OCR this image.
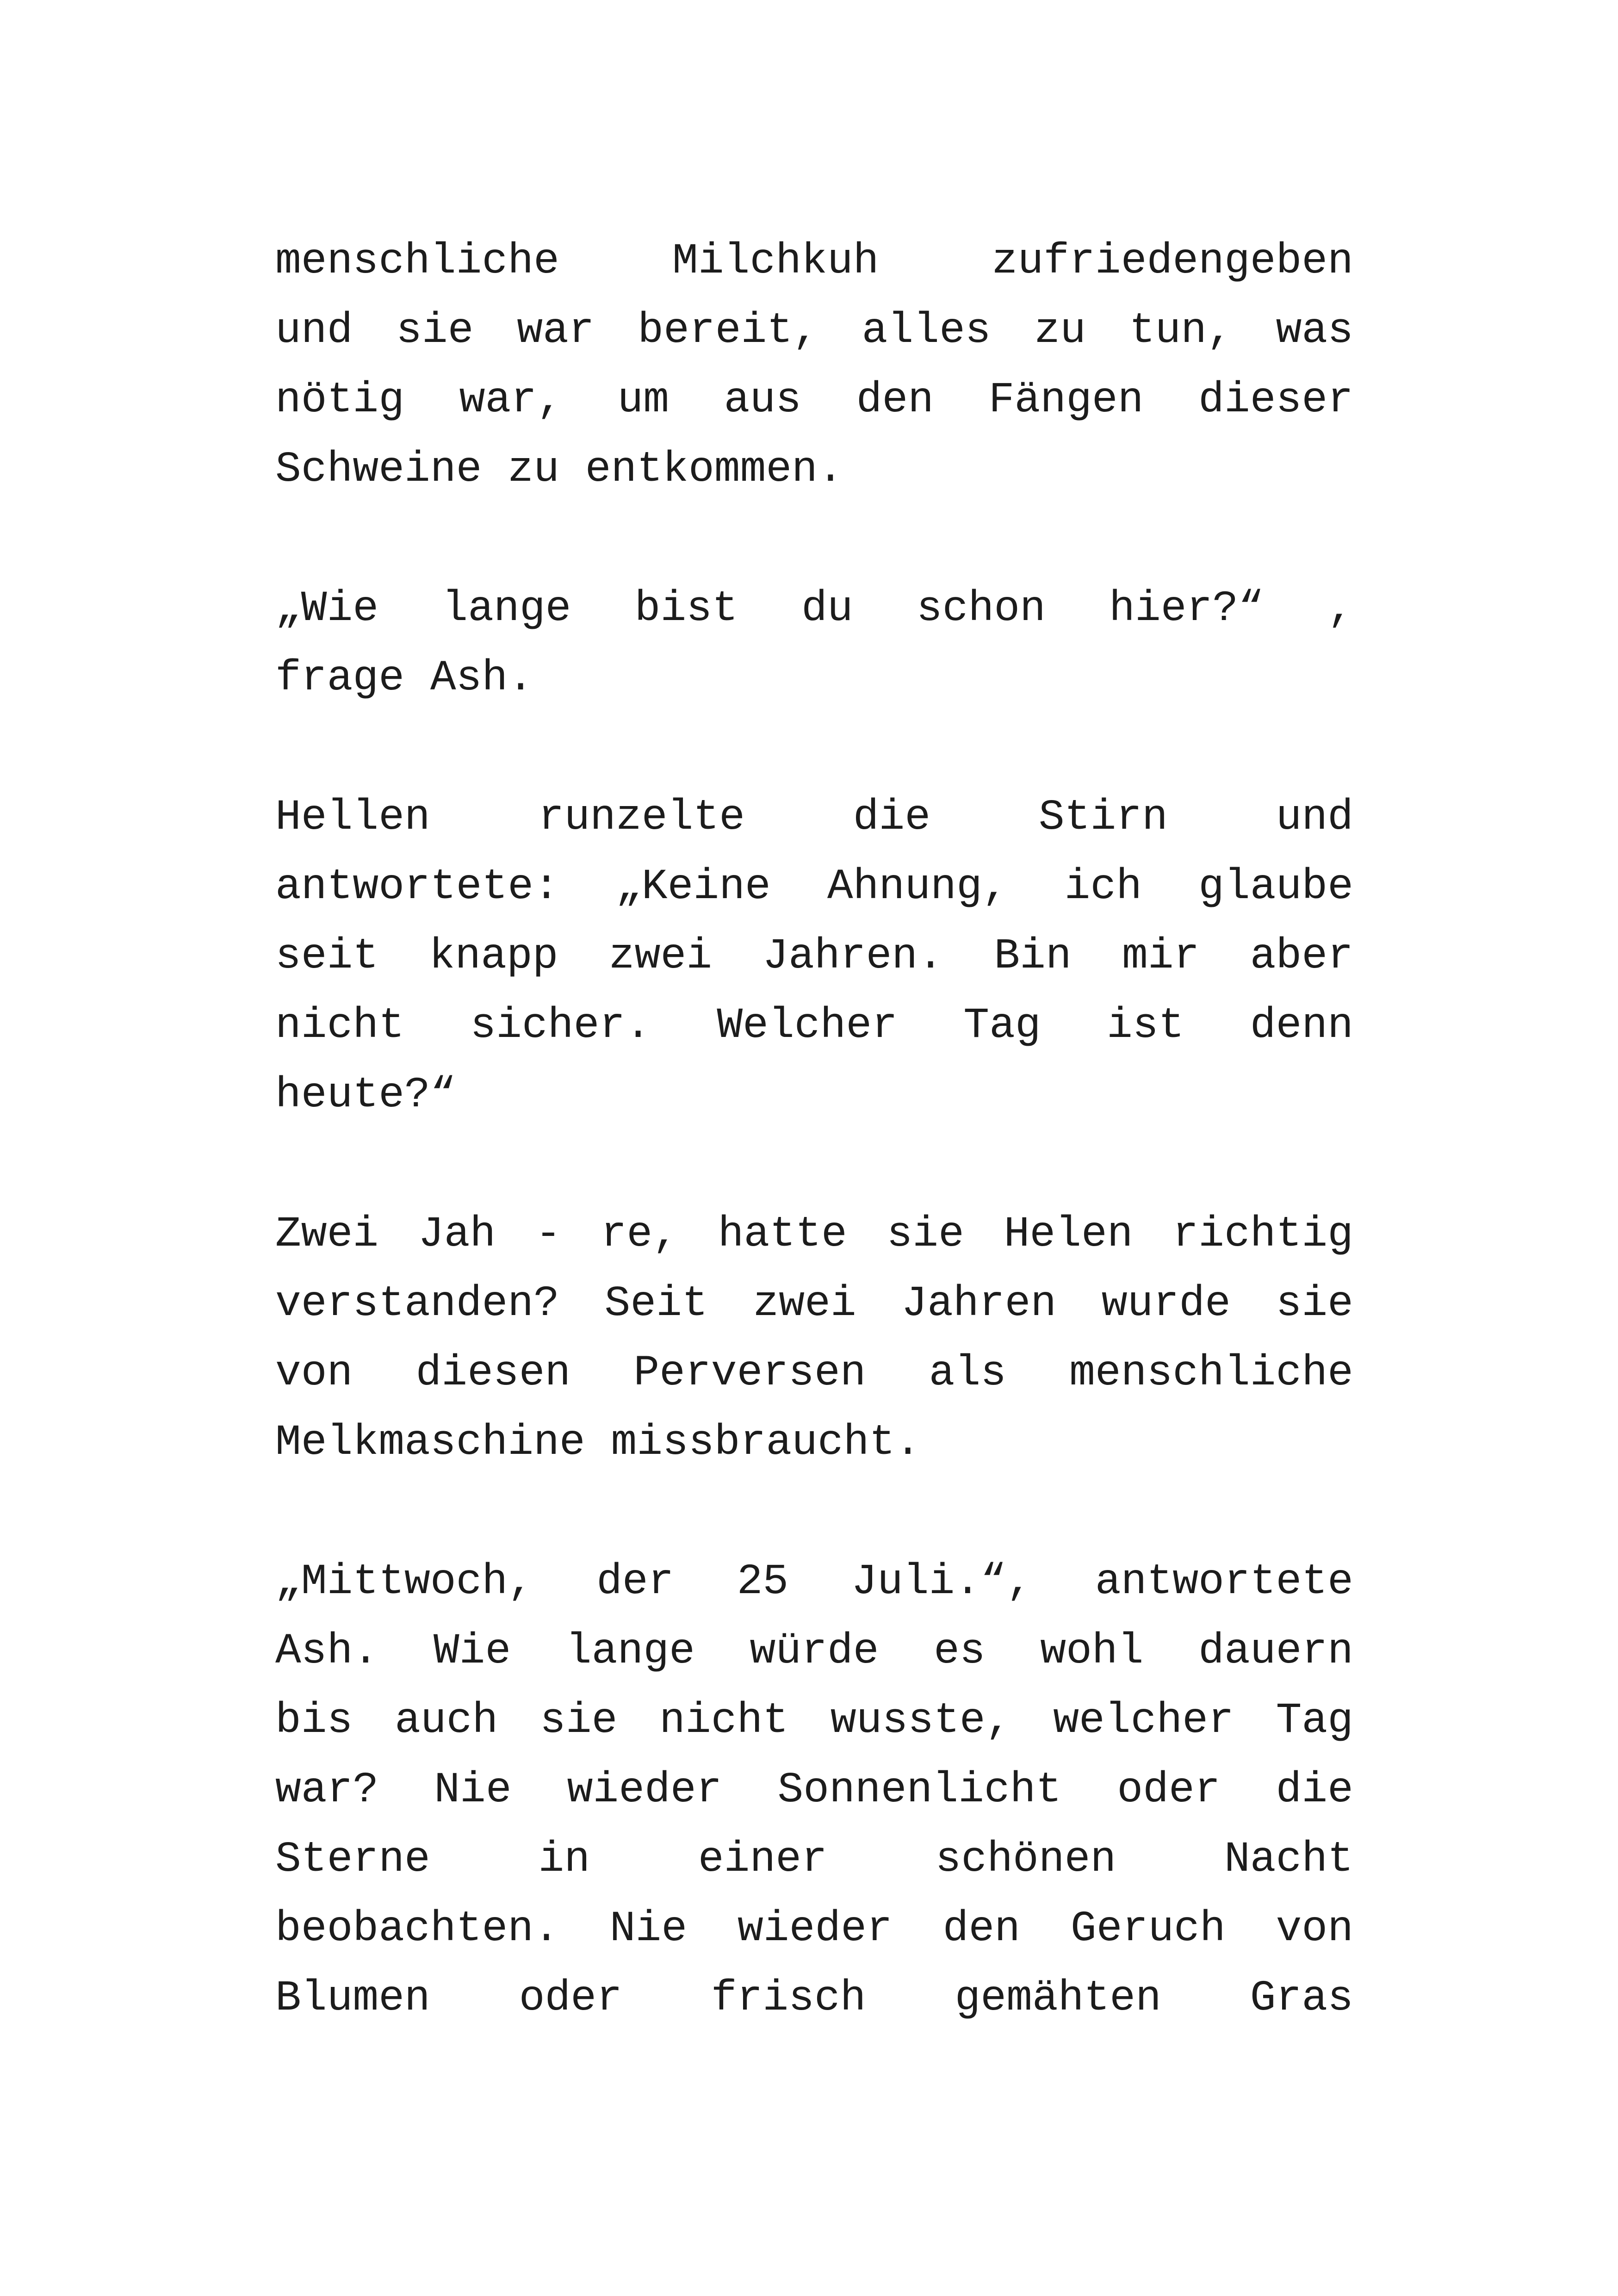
menschliche Milchkuh zufriedengeben
und sie war bereit, alles zu tun, was
nötig war, um aus den Fängen dieser
Schweine zu entkommen.

„Wie lange bist du schon hier?“ ,
frage Ash.

Hellen runzelte die Stirn und
antwortete: „Keine Ahnung, ich glaube
seit knapp zwei Jahren. Bin mir aber
nicht sicher. Welcher Tag ist denn
heute?“

Zwei Jah - re, hatte sie Helen richtig
verstanden? Seit zwei Jahren wurde sie
von diesen Perversen als menschliche
Melkmaschine missbraucht.

„Mittwoch, der 25 Juli.“, antwortete
Ash. Wie lange würde es wohl dauern
bis auch sie nicht wusste, welcher Tag
war? Nie wieder Sonnenlicht oder die
Sterne in einer schönen Nacht
beobachten. Nie wieder den Geruch von
Blumen oder frisch gemähten Gras
